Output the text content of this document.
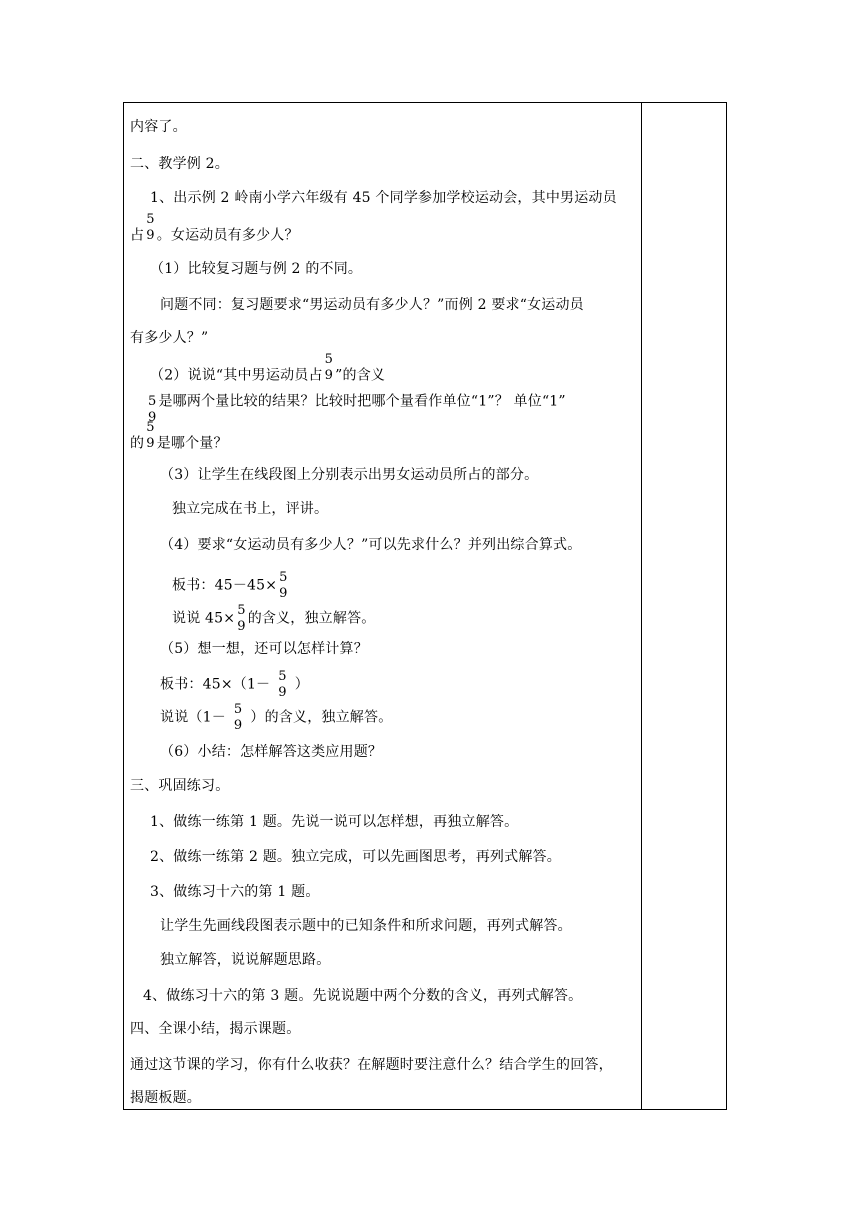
内容了。
二、教学例 2。
1、出示例 2 岭南小学六年级有 45 个同学参加学校运动会，其中男运动员
占
5
9 。女运动员有多少人？
（1）比较复习题与例 2 的不同。
问题不同：复习题要求“男运动员有多少人？”而例 2 要求“女运动员
有多少人？”
（2）说说“其中男运动员占
5
9 ”的含义
5
9
是哪两个量比较的结果？比较时把哪个量看作单位“1”？ 单位“1”
的
5
9 是哪个量？
（3）让学生在线段图上分别表示出男女运动员所占的部分。
独立完成在书上，评讲。
（4）要求“女运动员有多少人？”可以先求什么？并列出综合算式。
板书：45－45× 5
9
说说 45× 5
9 的含义，独立解答。
（5）想一想，还可以怎样计算？
板书：45×（1－ 5
9 ）
说说（1－ 5
9 ）的含义，独立解答。
（6）小结：怎样解答这类应用题？
三、巩固练习。
1、做练一练第 1 题。先说一说可以怎样想，再独立解答。
2、做练一练第 2 题。独立完成，可以先画图思考，再列式解答。
3、做练习十六的第 1 题。
让学生先画线段图表示题中的已知条件和所求问题，再列式解答。
独立解答，说说解题思路。
4、做练习十六的第 3 题。先说说题中两个分数的含义，再列式解答。
四、全课小结，揭示课题。
通过这节课的学习，你有什么收获？在解题时要注意什么？结合学生的回答，
揭题板题。
